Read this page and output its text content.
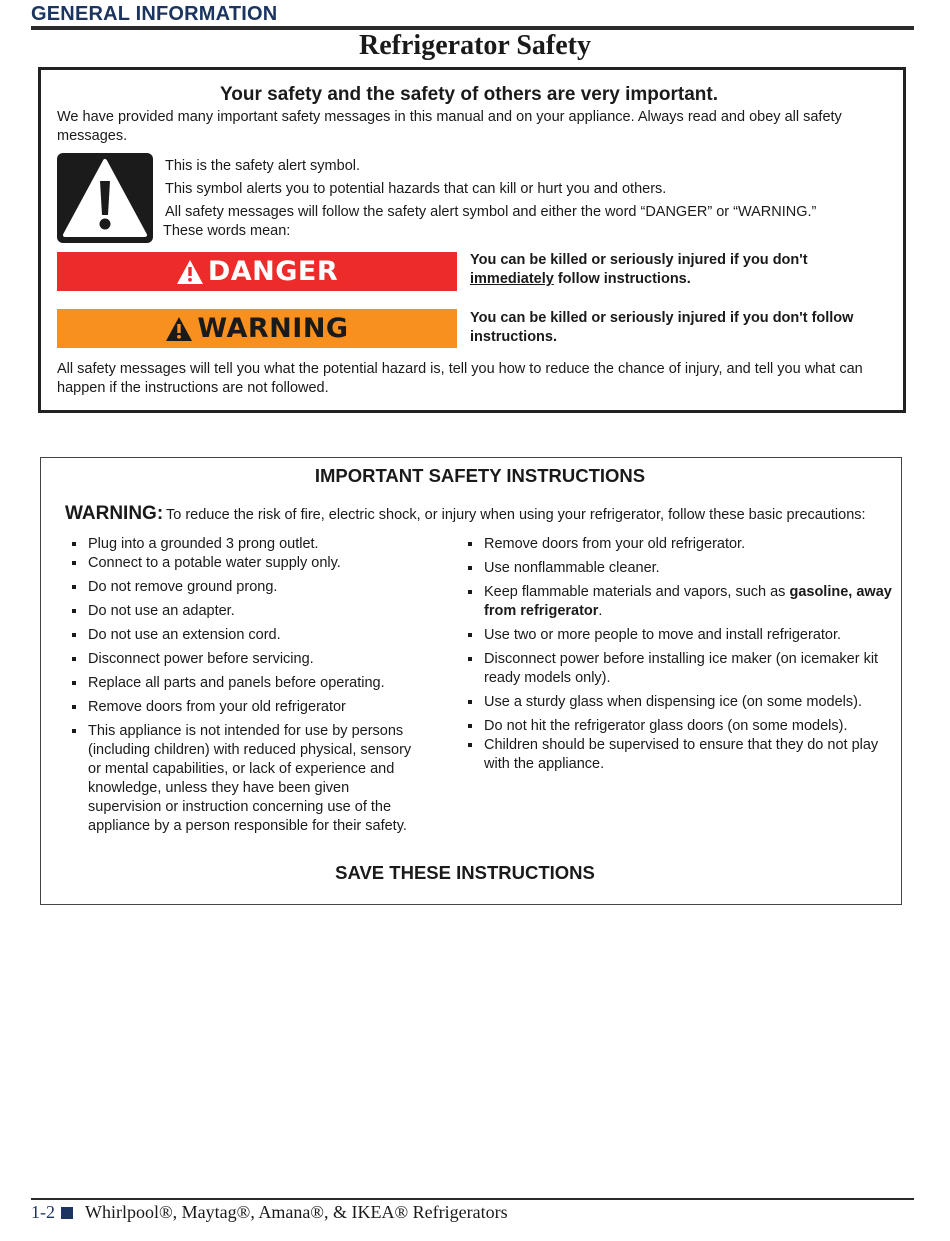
GENERAL INFORMATION
Refrigerator Safety
Your safety and the safety of others are very important.
We have provided many important safety messages in this manual and on your appliance. Always read and obey all safety messages.
This is the safety alert symbol.
This symbol alerts you to potential hazards that can kill or hurt you and others.
All safety messages will follow the safety alert symbol and either the word “DANGER” or “WARNING.”
These words mean:
DANGER	You can be killed or seriously injured if you don't immediately follow instructions.
WARNING	You can be killed or seriously injured if you don't follow instructions.
All safety messages will tell you what the potential hazard is, tell you how to reduce the chance of injury, and tell you what can happen if the instructions are not followed.
IMPORTANT SAFETY INSTRUCTIONS
WARNING: To reduce the risk of fire, electric shock, or injury when using your refrigerator, follow these basic precautions:
Plug into a grounded 3 prong outlet.
Connect to a potable water supply only.
Do not remove ground prong.
Do not use an adapter.
Do not use an extension cord.
Disconnect power before servicing.
Replace all parts and panels before operating.
Remove doors from your old refrigerator
This appliance is not intended for use by persons (including children) with reduced physical, sensory or mental capabilities, or lack of experience and knowledge, unless they have been given supervision or instruction concerning use of the appliance by a person responsible for their safety.
Remove doors from your old refrigerator.
Use nonflammable cleaner.
Keep flammable materials and vapors, such as gasoline, away from refrigerator.
Use two or more people to move and install refrigerator.
Disconnect power before installing ice maker (on icemaker kit ready models only).
Use a sturdy glass when dispensing ice (on some models).
Do not hit the refrigerator glass doors (on some models).
Children should be supervised to ensure that they do not play with the appliance.
SAVE THESE INSTRUCTIONS
1-2 Whirlpool®, Maytag®, Amana®, & IKEA® Refrigerators
